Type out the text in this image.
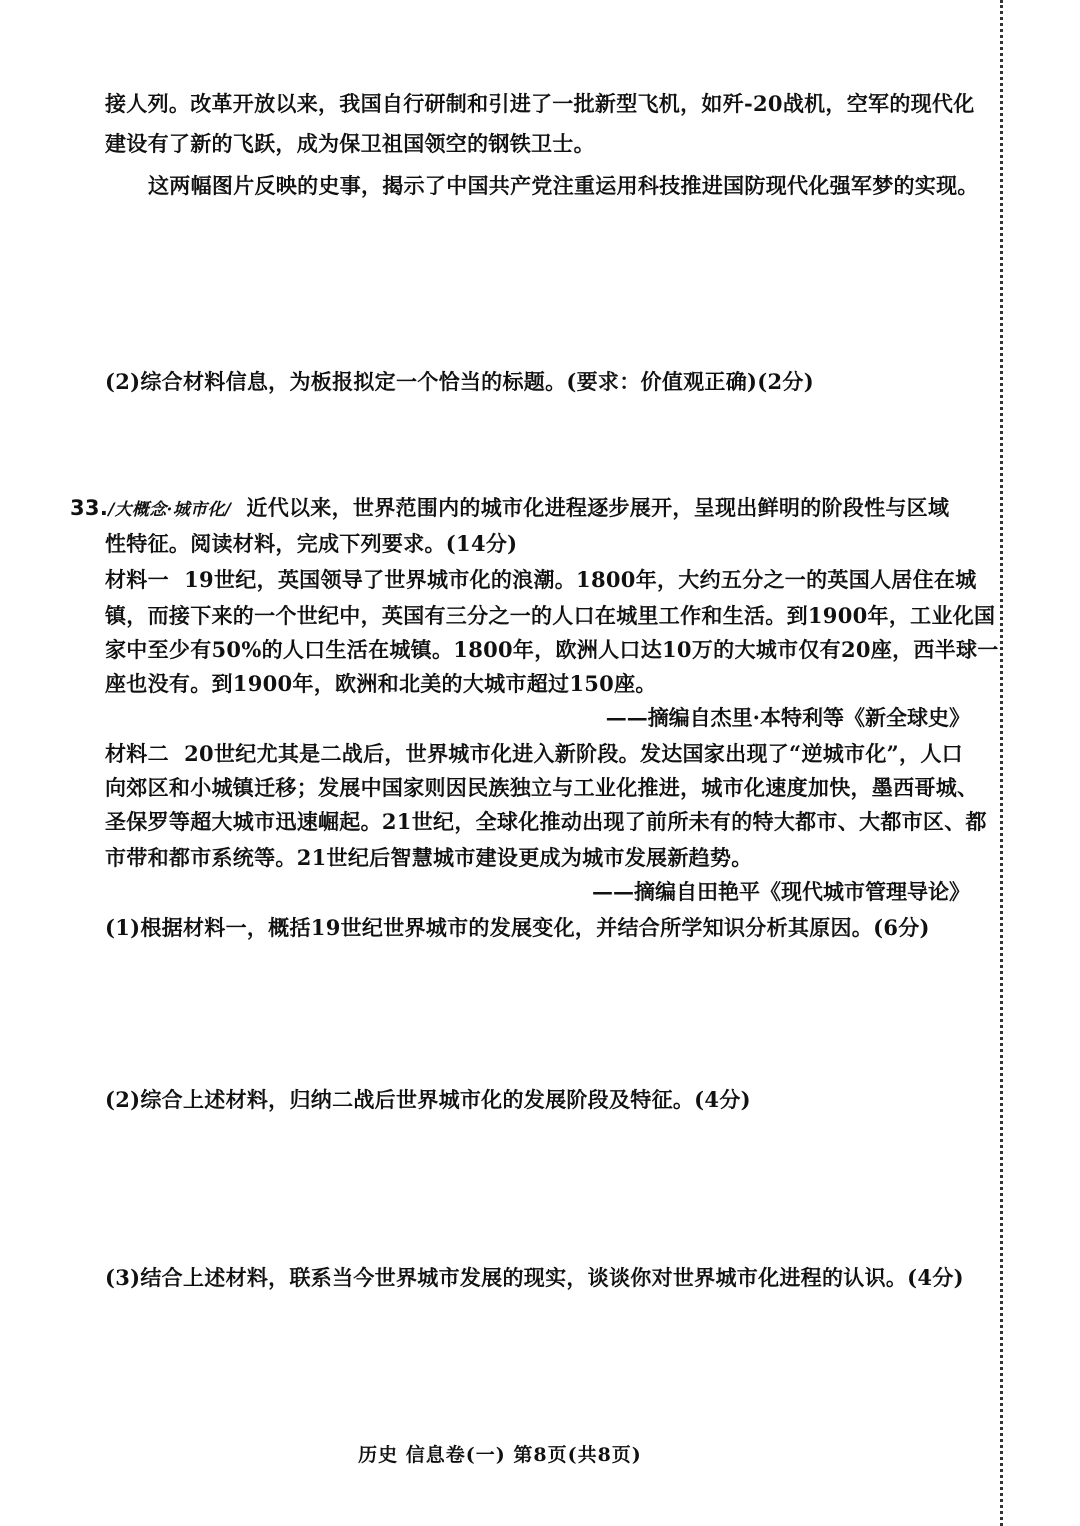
接人列。改革开放以来，我国自行研制和引进了一批新型飞机，如歼-20战机，空军的现代化
建设有了新的飞跃，成为保卫祖国领空的钢铁卫士。
这两幅图片反映的史事，揭示了中国共产党注重运用科技推进国防现代化强军梦的实现。
(2)综合材料信息，为板报拟定一个恰当的标题。(要求：价值观正确)(2分)
33./大概念·城市化/ 近代以来，世界范围内的城市化进程逐步展开，呈现出鲜明的阶段性与区域
性特征。阅读材料，完成下列要求。(14分)
材料一 19世纪，英国领导了世界城市化的浪潮。1800年，大约五分之一的英国人居住在城
镇，而接下来的一个世纪中，英国有三分之一的人口在城里工作和生活。到1900年，工业化国
家中至少有50%的人口生活在城镇。1800年，欧洲人口达10万的大城市仅有20座，西半球一
座也没有。到1900年，欧洲和北美的大城市超过150座。
——摘编自杰里·本特利等《新全球史》
材料二 20世纪尤其是二战后，世界城市化进入新阶段。发达国家出现了“逆城市化”，人口
向郊区和小城镇迁移；发展中国家则因民族独立与工业化推进，城市化速度加快，墨西哥城、
圣保罗等超大城市迅速崛起。21世纪，全球化推动出现了前所未有的特大都市、大都市区、都
市带和都市系统等。21世纪后智慧城市建设更成为城市发展新趋势。
——摘编自田艳平《现代城市管理导论》
(1)根据材料一，概括19世纪世界城市的发展变化，并结合所学知识分析其原因。(6分)
(2)综合上述材料，归纳二战后世界城市化的发展阶段及特征。(4分)
(3)结合上述材料，联系当今世界城市发展的现实，谈谈你对世界城市化进程的认识。(4分)
历史 信息卷(一) 第8页(共8页)
